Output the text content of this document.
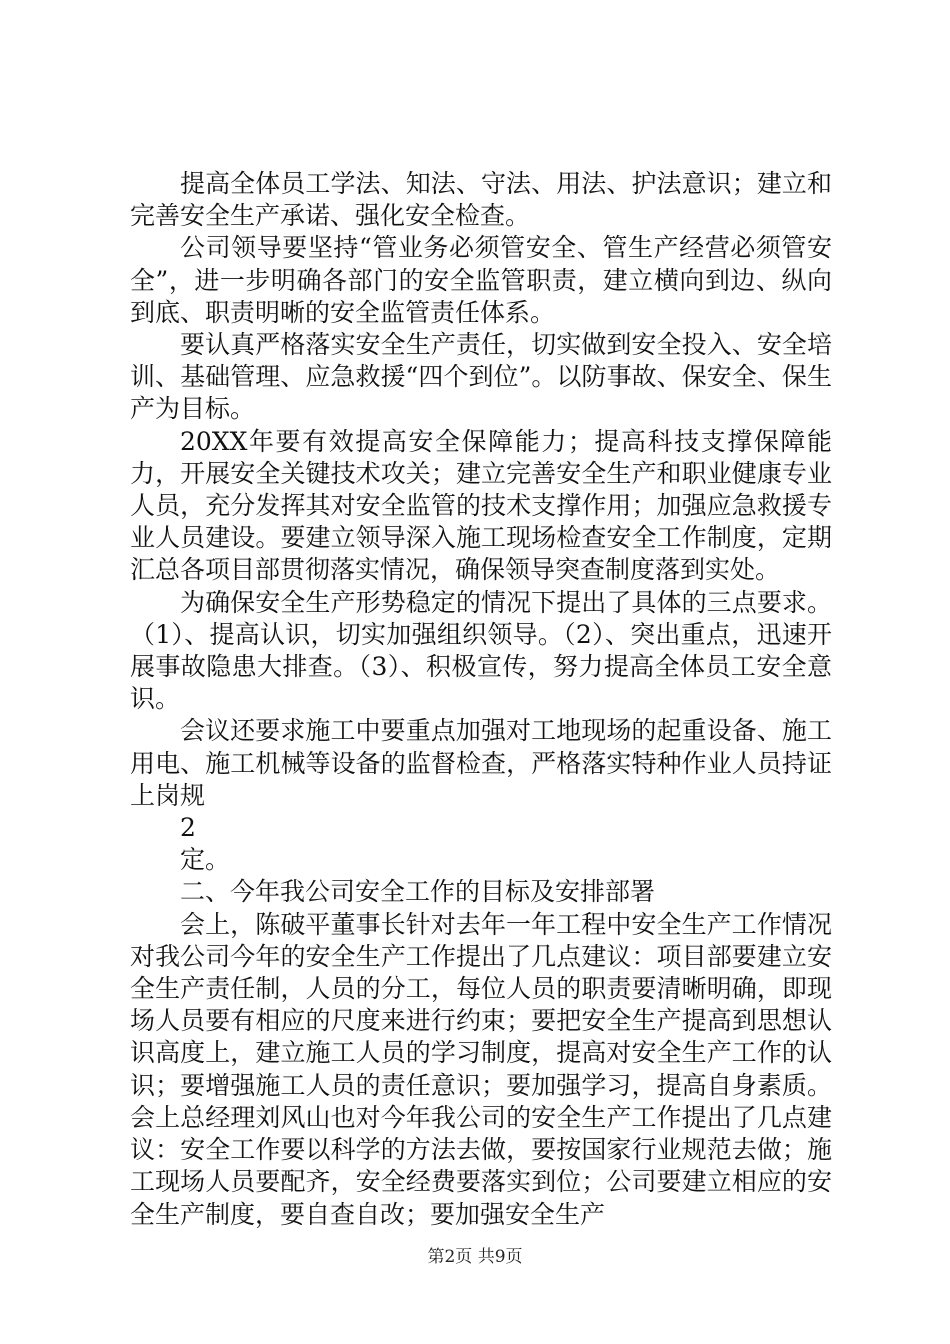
提高全体员工学法、知法、守法、用法、护法意识；建立和完善安全生产承诺、强化安全检查。

公司领导要坚持“管业务必须管安全、管生产经营必须管安全”，进一步明确各部门的安全监管职责，建立横向到边、纵向到底、职责明晰的安全监管责任体系。

要认真严格落实安全生产责任，切实做到安全投入、安全培训、基础管理、应急救援“四个到位”。以防事故、保安全、保生产为目标。

20XX年要有效提高安全保障能力；提高科技支撑保障能力，开展安全关键技术攻关；建立完善安全生产和职业健康专业人员，充分发挥其对安全监管的技术支撑作用；加强应急救援专业人员建设。要建立领导深入施工现场检查安全工作制度，定期汇总各项目部贯彻落实情况，确保领导突查制度落到实处。

为确保安全生产形势稳定的情况下提出了具体的三点要求。（1）、提高认识，切实加强组织领导。（2）、突出重点，迅速开展事故隐患大排查。（3）、积极宣传，努力提高全体员工安全意识。

会议还要求施工中要重点加强对工地现场的起重设备、施工用电、施工机械等设备的监督检查，严格落实特种作业人员持证上岗规

2

定。

二、今年我公司安全工作的目标及安排部署

会上，陈破平董事长针对去年一年工程中安全生产工作情况对我公司今年的安全生产工作提出了几点建议：项目部要建立安全生产责任制，人员的分工，每位人员的职责要清晰明确，即现场人员要有相应的尺度来进行约束；要把安全生产提高到思想认识高度上，建立施工人员的学习制度，提高对安全生产工作的认识；要增强施工人员的责任意识；要加强学习，提高自身素质。会上总经理刘风山也对今年我公司的安全生产工作提出了几点建议：安全工作要以科学的方法去做，要按国家行业规范去做；施工现场人员要配齐，安全经费要落实到位；公司要建立相应的安全生产制度，要自查自改；要加强安全生产

第2页 共9页
